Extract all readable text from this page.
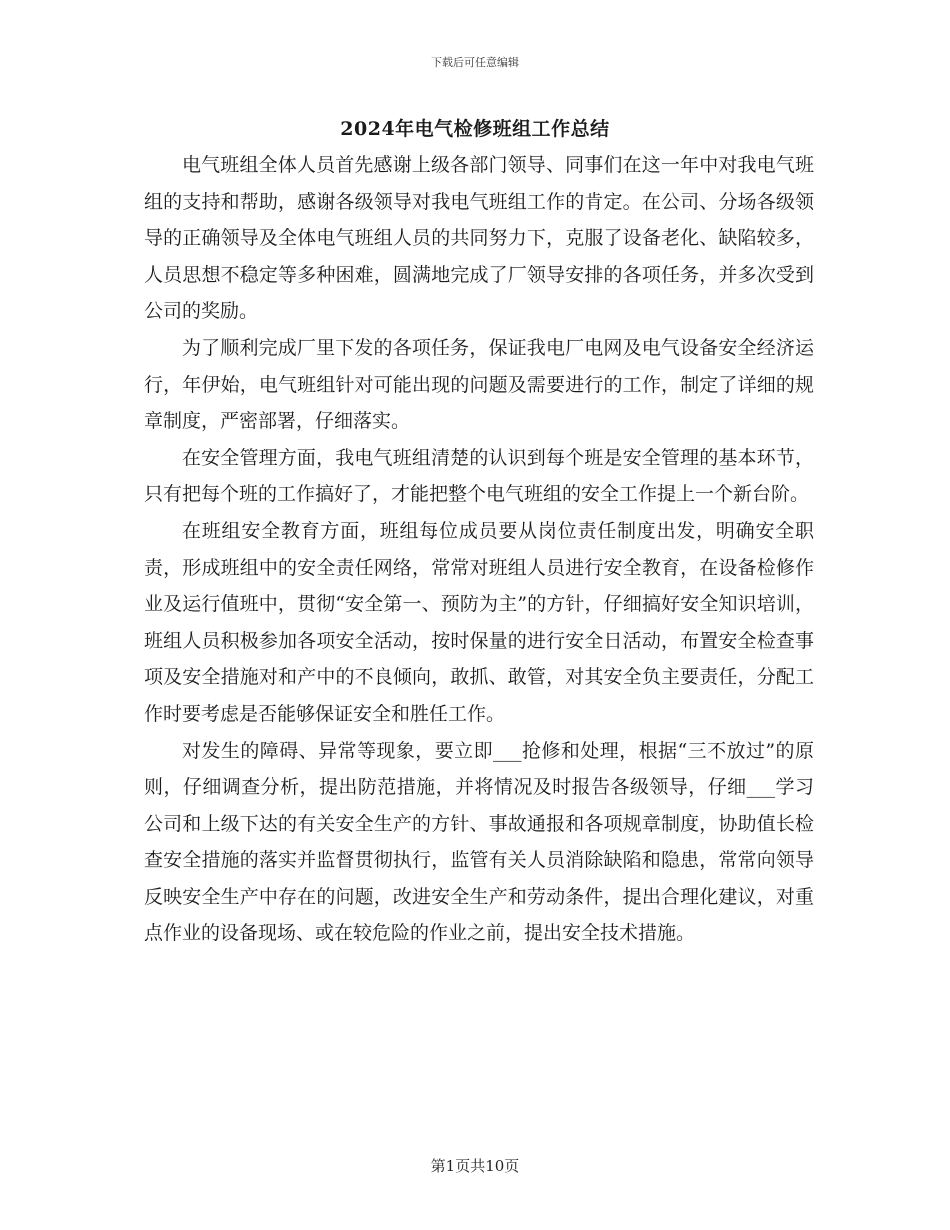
下载后可任意编辑
2024年电气检修班组工作总结

电气班组全体人员首先感谢上级各部门领导、同事们在这一年中对我电气班组的支持和帮助，感谢各级领导对我电气班组工作的肯定。在公司、分场各级领导的正确领导及全体电气班组人员的共同努力下，克服了设备老化、缺陷较多，人员思想不稳定等多种困难，圆满地完成了厂领导安排的各项任务，并多次受到公司的奖励。

为了顺利完成厂里下发的各项任务，保证我电厂电网及电气设备安全经济运行，年伊始，电气班组针对可能出现的问题及需要进行的工作，制定了详细的规章制度，严密部署，仔细落实。

在安全管理方面，我电气班组清楚的认识到每个班是安全管理的基本环节，只有把每个班的工作搞好了，才能把整个电气班组的安全工作提上一个新台阶。

在班组安全教育方面，班组每位成员要从岗位责任制度出发，明确安全职责，形成班组中的安全责任网络，常常对班组人员进行安全教育，在设备检修作业及运行值班中，贯彻“安全第一、预防为主”的方针，仔细搞好安全知识培训，班组人员积极参加各项安全活动，按时保量的进行安全日活动，布置安全检查事项及安全措施对和产中的不良倾向，敢抓、敢管，对其安全负主要责任，分配工作时要考虑是否能够保证安全和胜任工作。

对发生的障碍、异常等现象，要立即___抢修和处理，根据“三不放过”的原则，仔细调查分析，提出防范措施，并将情况及时报告各级领导，仔细___学习公司和上级下达的有关安全生产的方针、事故通报和各项规章制度，协助值长检查安全措施的落实并监督贯彻执行，监管有关人员消除缺陷和隐患，常常向领导反映安全生产中存在的问题，改进安全生产和劳动条件，提出合理化建议，对重点作业的设备现场、或在较危险的作业之前，提出安全技术措施。

第1页共10页
